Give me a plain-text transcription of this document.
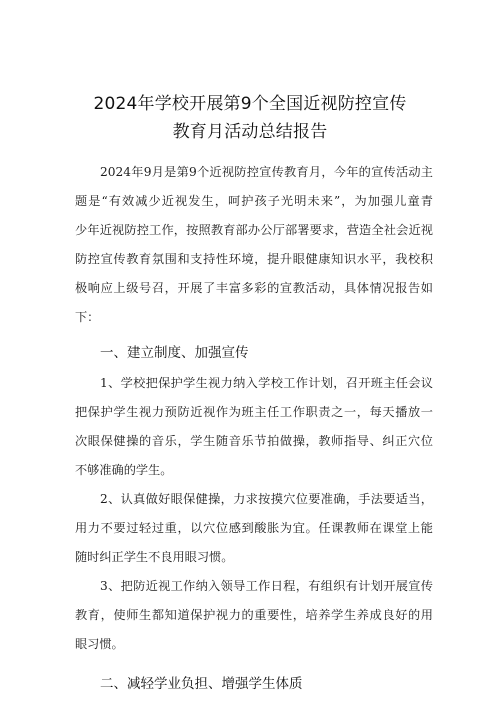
2024年学校开展第9个全国近视防控宣传
教育月活动总结报告
2024年9月是第9个近视防控宣传教育月，今年的宣传活动主
题是“有效减少近视发生，呵护孩子光明未来”，为加强儿童青
少年近视防控工作，按照教育部办公厅部署要求，营造全社会近视
防控宣传教育氛围和支持性环境，提升眼健康知识水平，我校积
极响应上级号召，开展了丰富多彩的宣教活动，具体情况报告如
下：
1、学校把保护学生视力纳入学校工作计划，召开班主任会议
把保护学生视力预防近视作为班主任工作职责之一，每天播放一
次眼保健操的音乐，学生随音乐节拍做操，教师指导、纠正穴位
不够准确的学生。
2、认真做好眼保健操，力求按摸穴位要准确，手法要适当，
用力不要过轻过重，以穴位感到酸胀为宜。任课教师在课堂上能
随时纠正学生不良用眼习惯。
3、把防近视工作纳入领导工作日程，有组织有计划开展宣传
教育，使师生都知道保护视力的重要性，培养学生养成良好的用
眼习惯。
一、建立制度、加强宣传
二、减轻学业负担、增强学生体质
